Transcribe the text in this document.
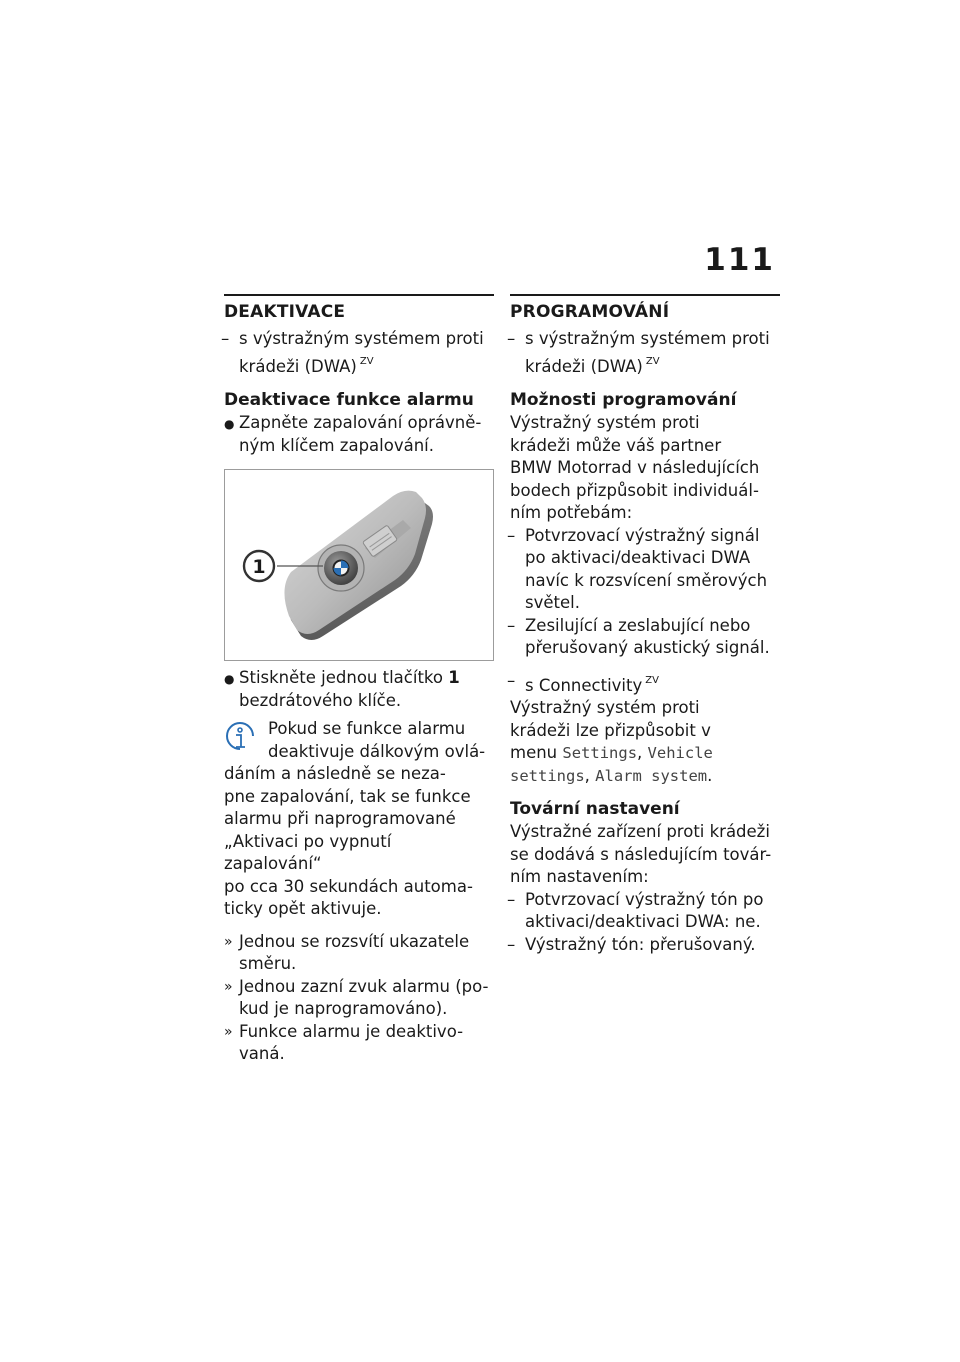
111
DEAKTIVACE
– s výstražným systémem proti
krádeži (DWA) $^{ZV}$
Deaktivace funkce alarmu
● Zapněte zapalování oprávně-
ným klíčem zapalování.
1
● Stiskněte jednou tlačítko 1
bezdrátového klíče.
Pokud se funkce alarmu
deaktivuje dálkovým ovlá-
dáním a následně se neza-
pne zapalování, tak se funkce
alarmu při naprogramované
„Aktivaci po vypnutí zapalování“
po cca 30 sekundách automa-
ticky opět aktivuje.
» Jednou se rozsvítí ukazatele
směru.
» Jednou zazní zvuk alarmu (po-
kud je naprogramováno).
» Funkce alarmu je deaktivo-
vaná.
PROGRAMOVÁNÍ
– s výstražným systémem proti
krádeži (DWA) $^{ZV}$
Možnosti programování
Výstražný systém proti
krádeži může váš partner
BMW Motorrad v následujících
bodech přizpůsobit individuál-
ním potřebám:
– Potvrzovací výstražný signál
po aktivaci/deaktivaci DWA
navíc k rozsvícení směrových
světel.
– Zesilující a zeslabující nebo
přerušovaný akustický signál.
– s Connectivity $^{ZV}$
Výstražný systém proti
krádeži lze přizpůsobit v
menu Settings, Vehicle
settings, Alarm system.
Tovární nastavení
Výstražné zařízení proti krádeži
se dodává s následujícím továr-
ním nastavením:
– Potvrzovací výstražný tón po
aktivaci/deaktivaci DWA: ne.
– Výstražný tón: přerušovaný.
